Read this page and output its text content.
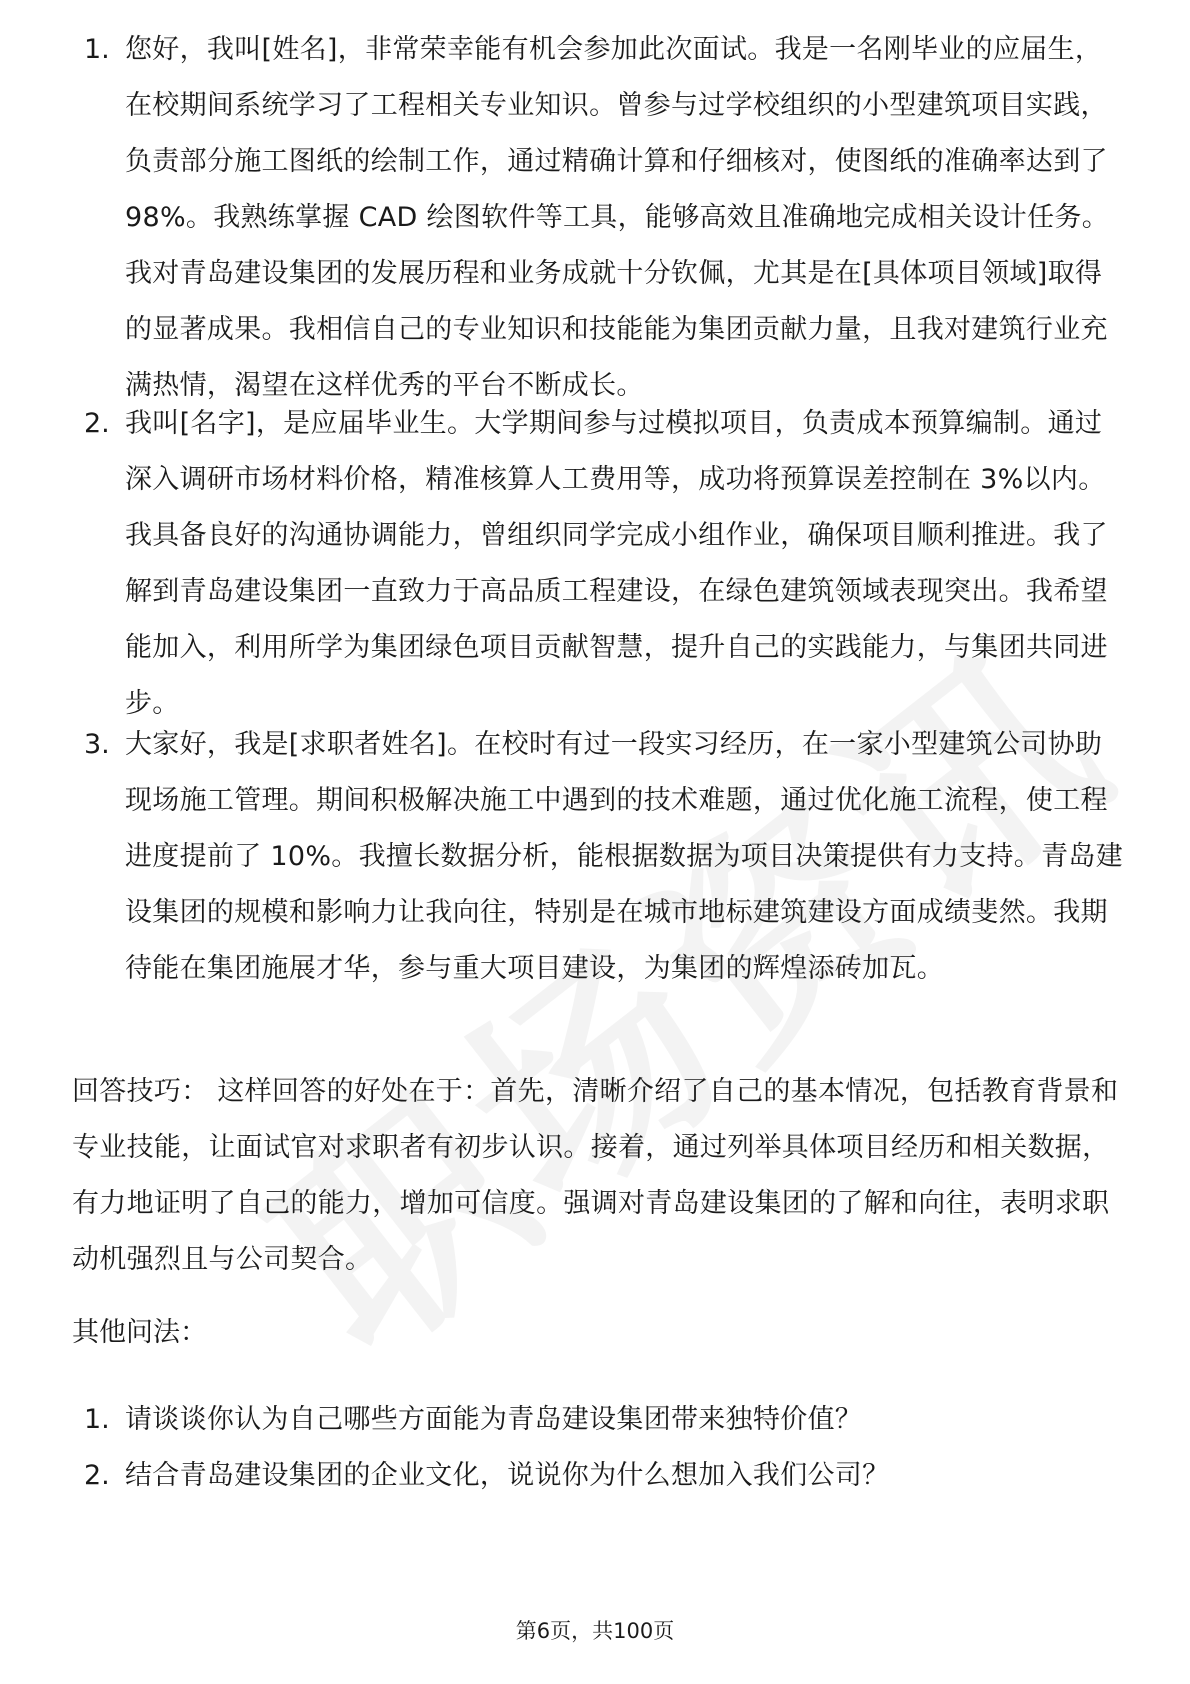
1. 您好，我叫[姓名]，非常荣幸能有机会参加此次面试。我是一名刚毕业的应届生，在校期间系统学习了工程相关专业知识。曾参与过学校组织的小型建筑项目实践，负责部分施工图纸的绘制工作，通过精确计算和仔细核对，使图纸的准确率达到了 98%。我熟练掌握 CAD 绘图软件等工具，能够高效且准确地完成相关设计任务。我对青岛建设集团的发展历程和业务成就十分钦佩，尤其是在[具体项目领域]取得的显著成果。我相信自己的专业知识和技能能为集团贡献力量，且我对建筑行业充满热情，渴望在这样优秀的平台不断成长。
2. 我叫[名字]，是应届毕业生。大学期间参与过模拟项目，负责成本预算编制。通过深入调研市场材料价格，精准核算人工费用等，成功将预算误差控制在 3%以内。我具备良好的沟通协调能力，曾组织同学完成小组作业，确保项目顺利推进。我了解到青岛建设集团一直致力于高品质工程建设，在绿色建筑领域表现突出。我希望能加入，利用所学为集团绿色项目贡献智慧，提升自己的实践能力，与集团共同进步。
3. 大家好，我是[求职者姓名]。在校时有过一段实习经历，在一家小型建筑公司协助现场施工管理。期间积极解决施工中遇到的技术难题，通过优化施工流程，使工程进度提前了 10%。我擅长数据分析，能根据数据为项目决策提供有力支持。青岛建设集团的规模和影响力让我向往，特别是在城市地标建筑建设方面成绩斐然。我期待能在集团施展才华，参与重大项目建设，为集团的辉煌添砖加瓦。
回答技巧： 这样回答的好处在于：首先，清晰介绍了自己的基本情况，包括教育背景和专业技能，让面试官对求职者有初步认识。接着，通过列举具体项目经历和相关数据，有力地证明了自己的能力，增加可信度。强调对青岛建设集团的了解和向往，表明求职动机强烈且与公司契合。
其他问法：
1. 请谈谈你认为自己哪些方面能为青岛建设集团带来独特价值？
2. 结合青岛建设集团的企业文化，说说你为什么想加入我们公司？
第6页，共100页
